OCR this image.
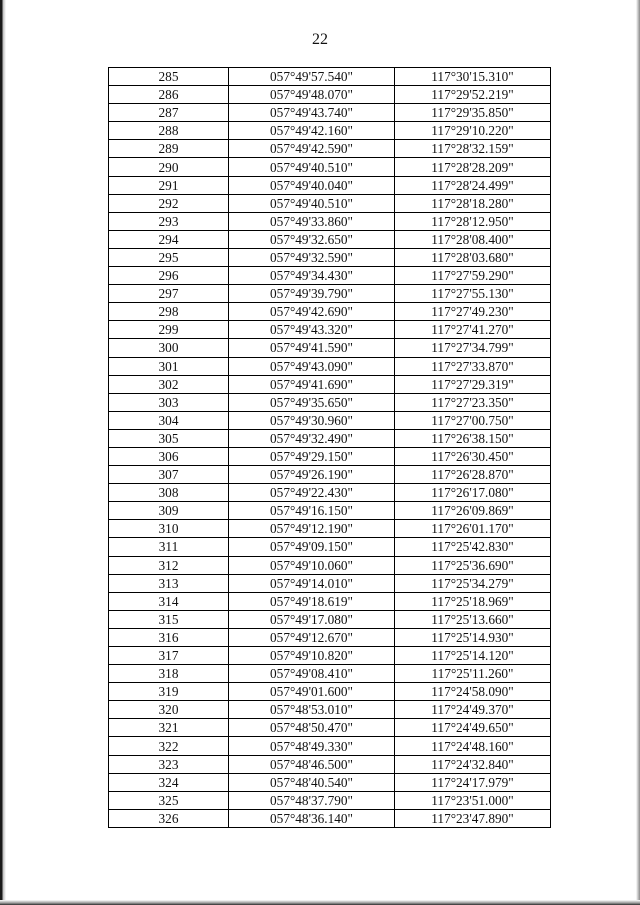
22
285	057°49'57.540"	117°30'15.310"
286	057°49'48.070"	117°29'52.219"
287	057°49'43.740"	117°29'35.850"
288	057°49'42.160"	117°29'10.220"
289	057°49'42.590"	117°28'32.159"
290	057°49'40.510"	117°28'28.209"
291	057°49'40.040"	117°28'24.499"
292	057°49'40.510"	117°28'18.280"
293	057°49'33.860"	117°28'12.950"
294	057°49'32.650"	117°28'08.400"
295	057°49'32.590"	117°28'03.680"
296	057°49'34.430"	117°27'59.290"
297	057°49'39.790"	117°27'55.130"
298	057°49'42.690"	117°27'49.230"
299	057°49'43.320"	117°27'41.270"
300	057°49'41.590"	117°27'34.799"
301	057°49'43.090"	117°27'33.870"
302	057°49'41.690"	117°27'29.319"
303	057°49'35.650"	117°27'23.350"
304	057°49'30.960"	117°27'00.750"
305	057°49'32.490"	117°26'38.150"
306	057°49'29.150"	117°26'30.450"
307	057°49'26.190"	117°26'28.870"
308	057°49'22.430"	117°26'17.080"
309	057°49'16.150"	117°26'09.869"
310	057°49'12.190"	117°26'01.170"
311	057°49'09.150"	117°25'42.830"
312	057°49'10.060"	117°25'36.690"
313	057°49'14.010"	117°25'34.279"
314	057°49'18.619"	117°25'18.969"
315	057°49'17.080"	117°25'13.660"
316	057°49'12.670"	117°25'14.930"
317	057°49'10.820"	117°25'14.120"
318	057°49'08.410"	117°25'11.260"
319	057°49'01.600"	117°24'58.090"
320	057°48'53.010"	117°24'49.370"
321	057°48'50.470"	117°24'49.650"
322	057°48'49.330"	117°24'48.160"
323	057°48'46.500"	117°24'32.840"
324	057°48'40.540"	117°24'17.979"
325	057°48'37.790"	117°23'51.000"
326	057°48'36.140"	117°23'47.890"
